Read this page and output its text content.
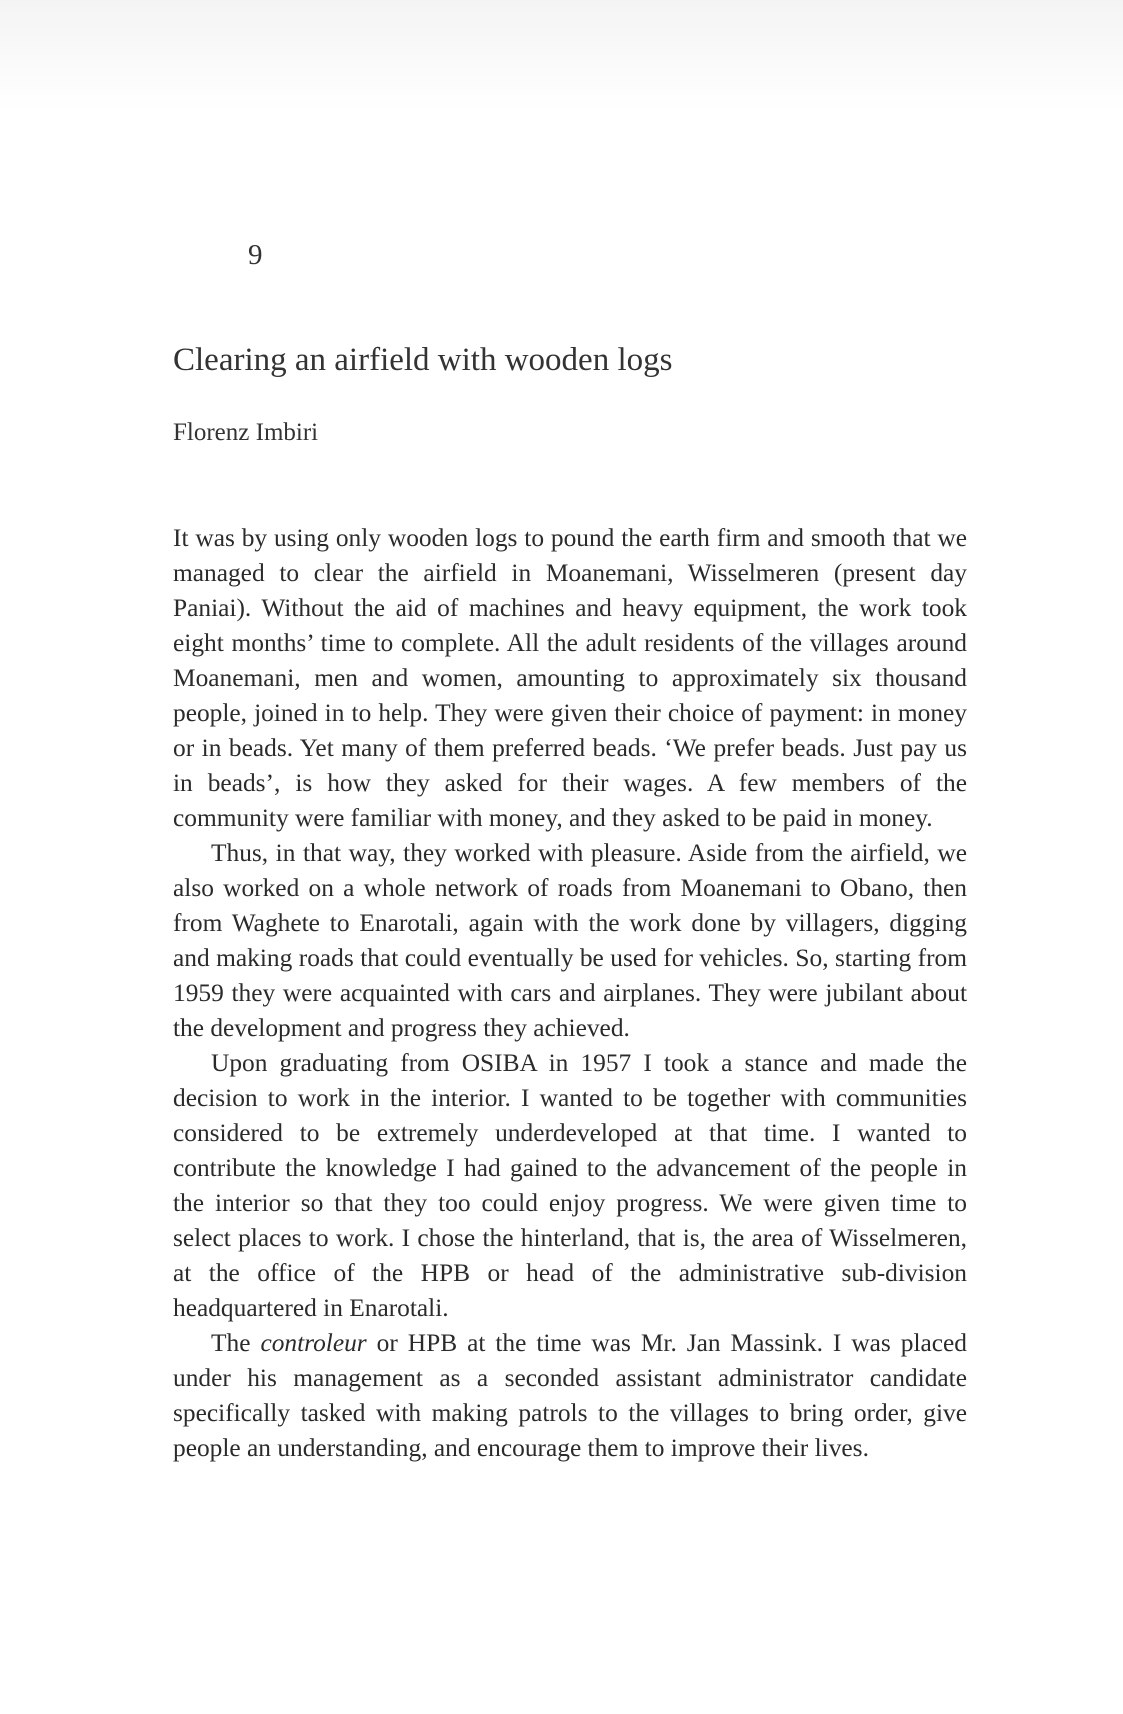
9
Clearing an airfield with wooden logs
Florenz Imbiri

It was by using only wooden logs to pound the earth firm and smooth that we managed to clear the airfield in Moanemani, Wisselmeren (present day Paniai). Without the aid of machines and heavy equipment, the work took eight months’ time to complete. All the adult residents of the villages around Moanemani, men and women, amounting to approximately six thousand people, joined in to help. They were given their choice of payment: in money or in beads. Yet many of them preferred beads. ‘We prefer beads. Just pay us in beads’, is how they asked for their wages. A few members of the community were familiar with money, and they asked to be paid in money.

Thus, in that way, they worked with pleasure. Aside from the airfield, we also worked on a whole network of roads from Moanemani to Obano, then from Waghete to Enarotali, again with the work done by villagers, digging and making roads that could eventually be used for vehicles. So, starting from 1959 they were acquainted with cars and airplanes. They were jubilant about the development and progress they achieved.

Upon graduating from OSIBA in 1957 I took a stance and made the decision to work in the interior. I wanted to be together with communities considered to be extremely underdeveloped at that time. I wanted to contribute the knowledge I had gained to the advancement of the people in the interior so that they too could enjoy progress. We were given time to select places to work. I chose the hinterland, that is, the area of Wisselmeren, at the office of the HPB or head of the administrative sub-division headquartered in Enarotali.

The controleur or HPB at the time was Mr. Jan Massink. I was placed under his management as a seconded assistant administrator candidate specifically tasked with making patrols to the villages to bring order, give people an understanding, and encourage them to improve their lives.
